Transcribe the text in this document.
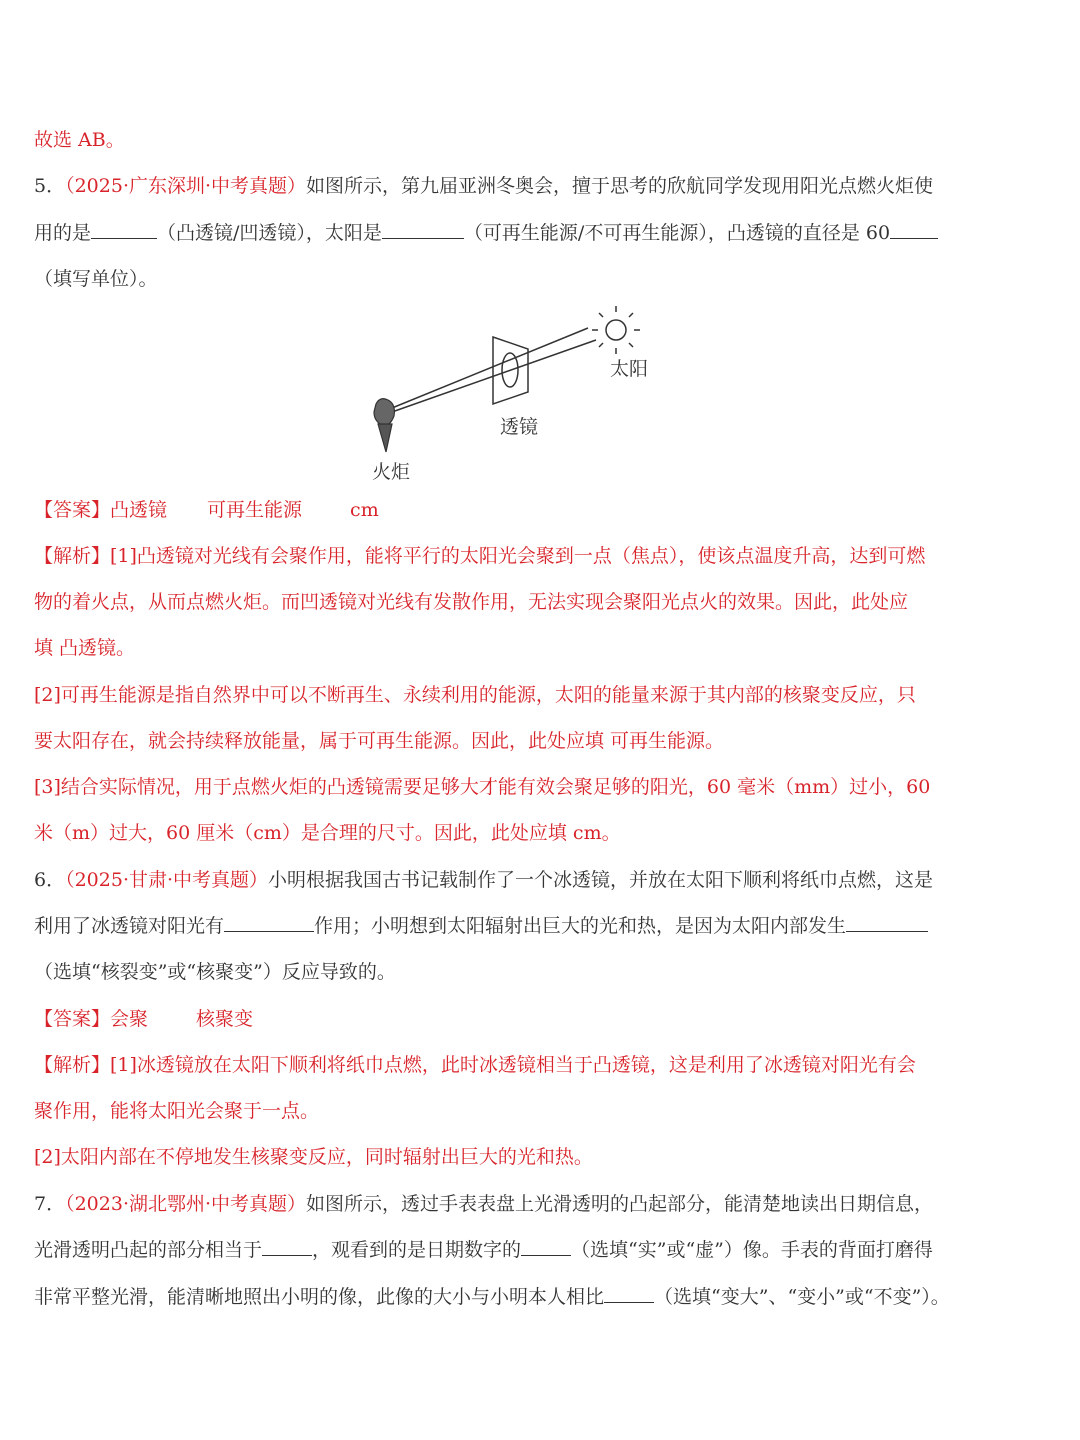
故选 AB。
5．（2025·广东深圳·中考真题）如图所示，第九届亚洲冬奥会，擅于思考的欣航同学发现用阳光点燃火炬使
用的是	（凸透镜/凹透镜），太阳是	（可再生能源/不可再生能源），凸透镜的直径是 60
（填写单位）。
太阳
透镜
火炬
【答案】凸透镜 可再生能源	cm
【解析】[1]凸透镜对光线有会聚作用，能将平行的太阳光会聚到一点（焦点），使该点温度升高，达到可燃
物的着火点，从而点燃火炬。而凹透镜对光线有发散作用，无法实现会聚阳光点火的效果。因此，此处应
填 凸透镜。
[2]可再生能源是指自然界中可以不断再生、永续利用的能源，太阳的能量来源于其内部的核聚变反应，只
要太阳存在，就会持续释放能量，属于可再生能源。因此，此处应填 可再生能源。
[3]结合实际情况，用于点燃火炬的凸透镜需要足够大才能有效会聚足够的阳光，60 毫米（mm）过小，60
米（m）过大，60 厘米（cm）是合理的尺寸。因此，此处应填 cm。
6．（2025·甘肃·中考真题）小明根据我国古书记载制作了一个冰透镜，并放在太阳下顺利将纸巾点燃，这是
利用了冰透镜对阳光有	作用；小明想到太阳辐射出巨大的光和热，是因为太阳内部发生
（选填“核裂变”或“核聚变”）反应导致的。
【答案】会聚	核聚变
【解析】[1]冰透镜放在太阳下顺利将纸巾点燃，此时冰透镜相当于凸透镜，这是利用了冰透镜对阳光有会
聚作用，能将太阳光会聚于一点。
[2]太阳内部在不停地发生核聚变反应，同时辐射出巨大的光和热。
7．（2023·湖北鄂州·中考真题）如图所示，透过手表表盘上光滑透明的凸起部分，能清楚地读出日期信息，
光滑透明凸起的部分相当于	，观看到的是日期数字的	（选填“实”或“虚”）像。手表的背面打磨得
非常平整光滑，能清晰地照出小明的像，此像的大小与小明本人相比	（选填“变大”、“变小”或“不变”）。
